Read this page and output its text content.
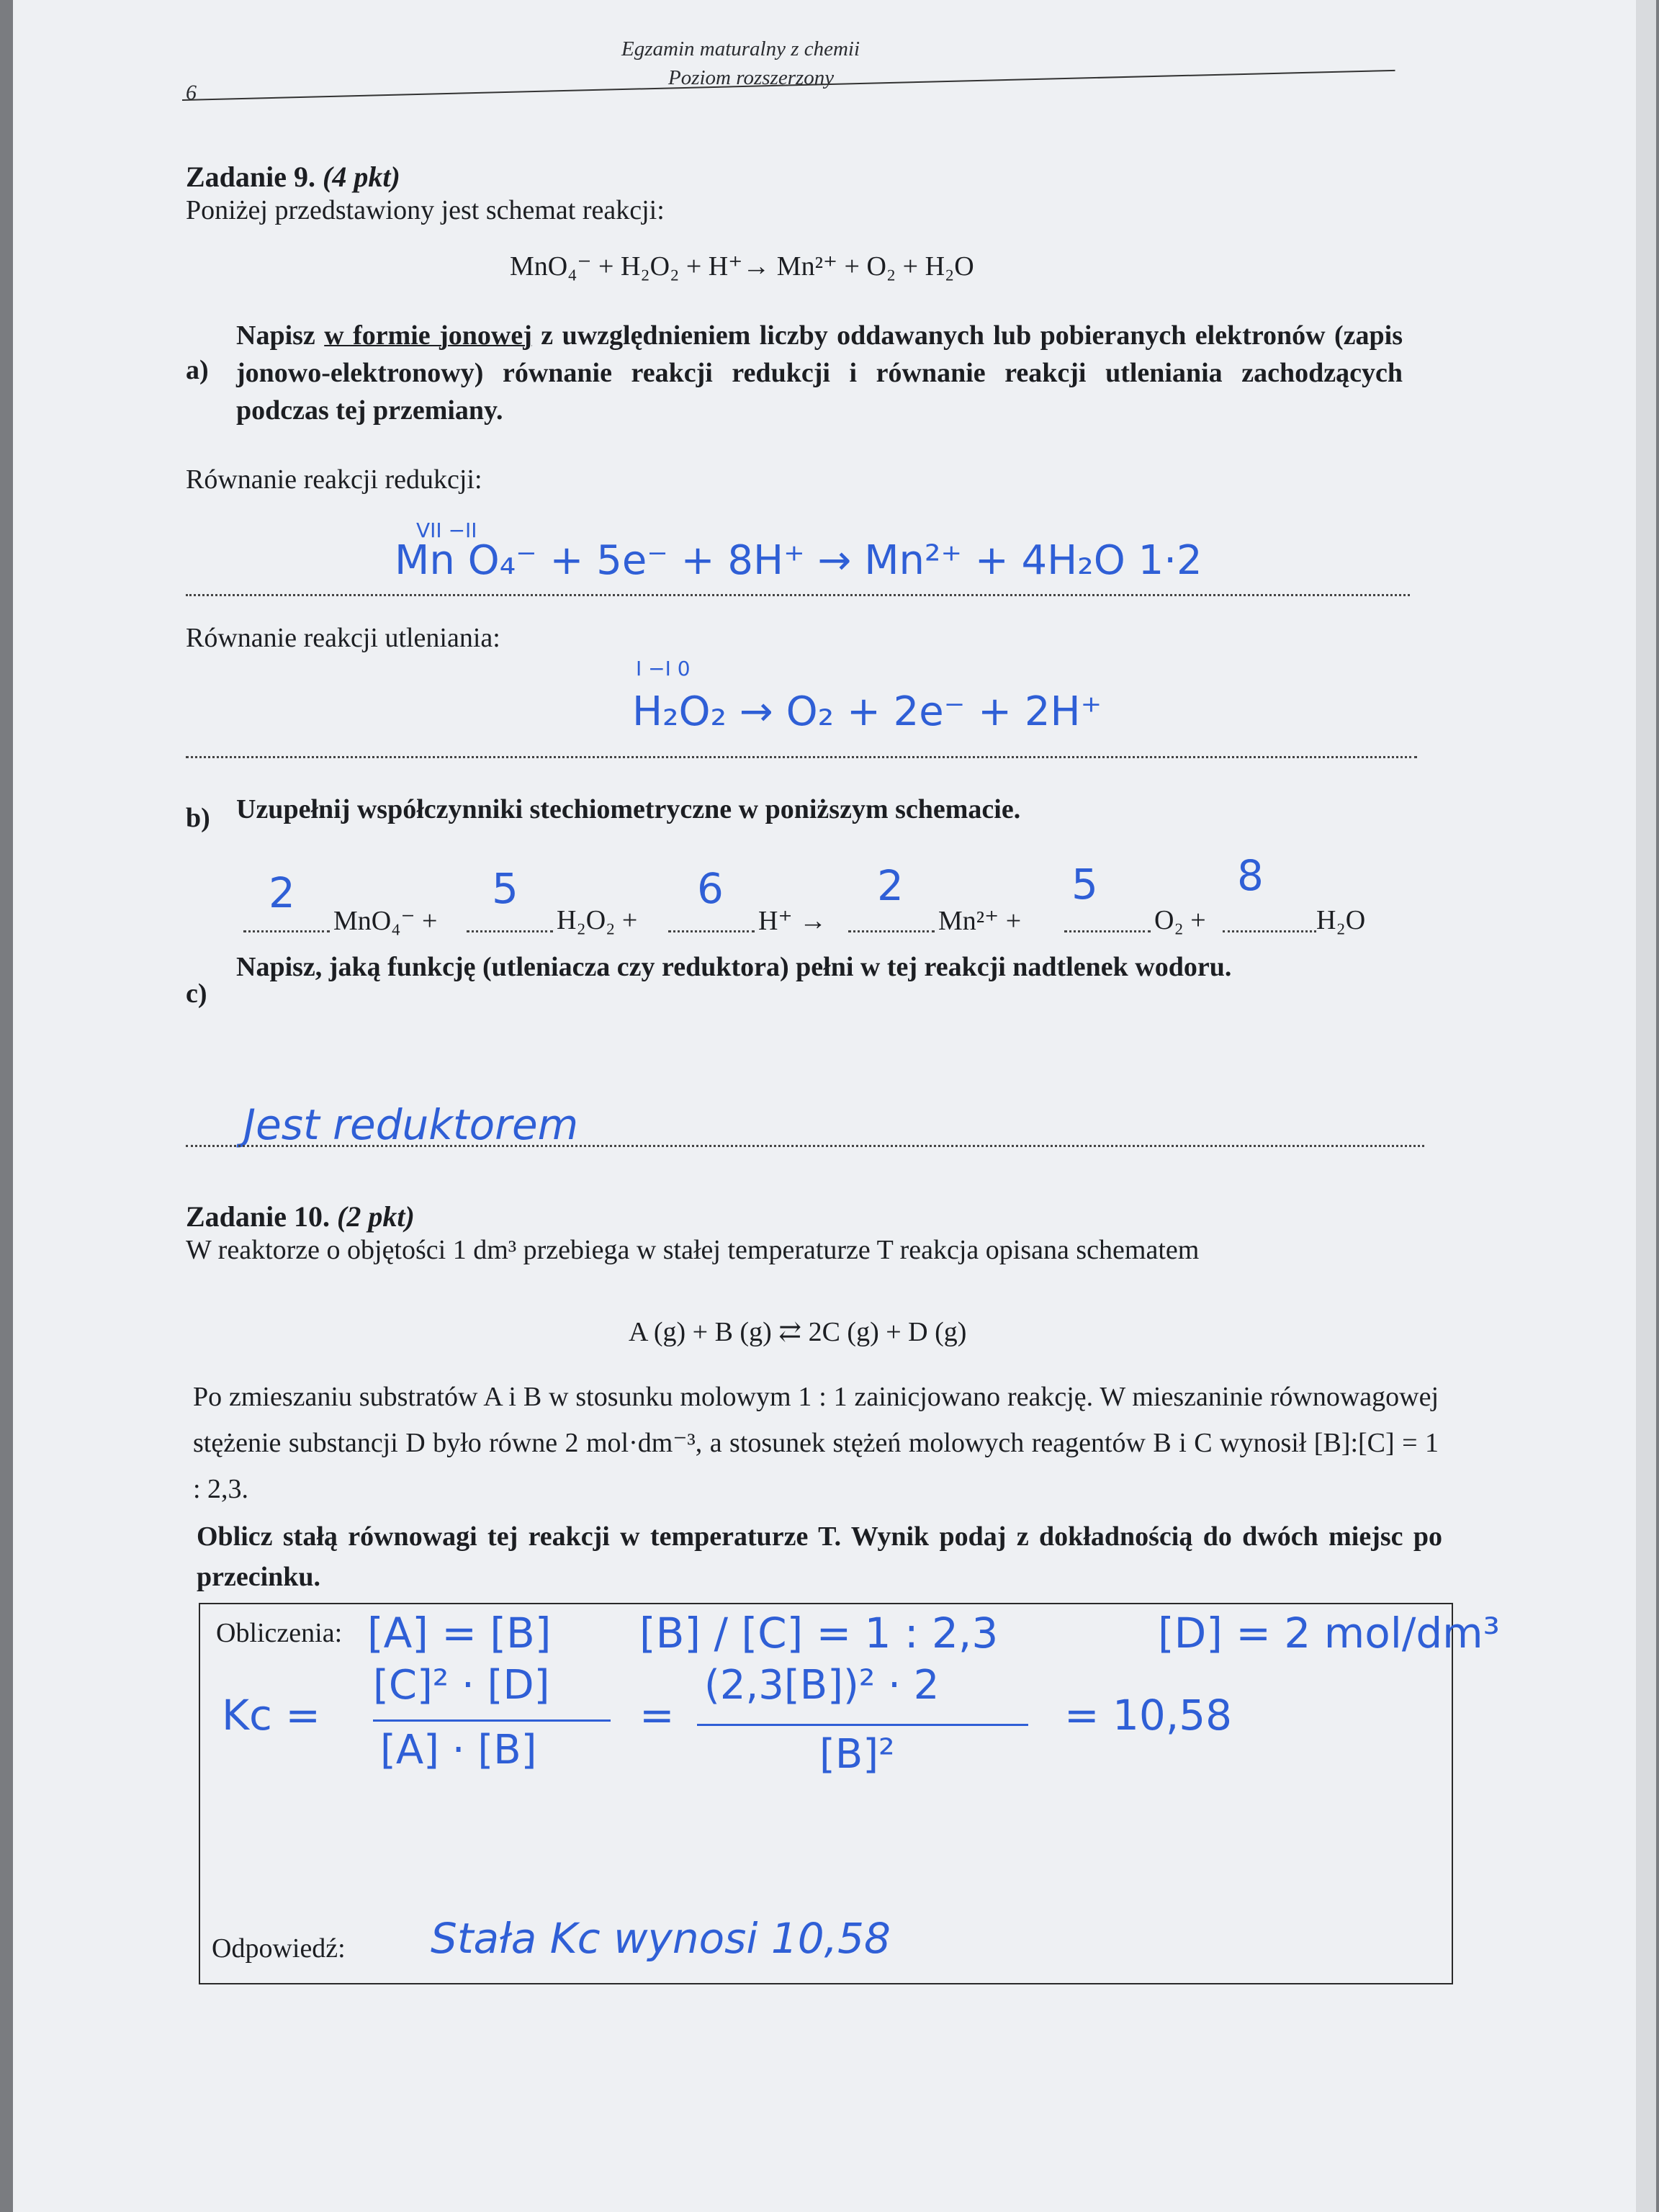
6
Egzamin maturalny z chemii
Poziom rozszerzony
Zadanie 9. (4 pkt)
Poniżej przedstawiony jest schemat reakcji:
MnO₄⁻ + H₂O₂ + H⁺→ Mn²⁺ + O₂ + H₂O
a)
Napisz w formie jonowej z uwzględnieniem liczby oddawanych lub pobieranych elektronów (zapis jonowo-elektronowy) równanie reakcji redukcji i równanie reakcji utleniania zachodzących podczas tej przemiany.
Równanie reakcji redukcji:
VII −II
Mn O₄⁻ + 5e⁻ + 8H⁺ → Mn²⁺ + 4H₂O 1·2
Równanie reakcji utleniania:
I −I 0
H₂O₂ → O₂ + 2e⁻ + 2H⁺
b) Uzupełnij współczynniki stechiometryczne w poniższym schemacie.
2
MnO₄⁻ +
5
H₂O₂ +
6
H⁺ →
2
Mn²⁺ +
5
O₂ +
8
H₂O
c)
Napisz, jaką funkcję (utleniacza czy reduktora) pełni w tej reakcji nadtlenek wodoru.
Jest reduktorem
Zadanie 10. (2 pkt)
W reaktorze o objętości 1 dm³ przebiega w stałej temperaturze T reakcja opisana schematem
A (g) + B (g) ⇄ 2C (g) + D (g)
Po zmieszaniu substratów A i B w stosunku molowym 1 : 1 zainicjowano reakcję. W mieszaninie równowagowej stężenie substancji D było równe 2 mol·dm⁻³, a stosunek stężeń molowych reagentów B i C wynosił [B]:[C] = 1 : 2,3.
Oblicz stałą równowagi tej reakcji w temperaturze T. Wynik podaj z dokładnością do dwóch miejsc po przecinku.
Obliczenia: [A] = [B] [B] / [C] = 1 : 2,3	[D] = 2 mol/dm³
Kc =
[C]² · [D]
[A] · [B]
=
(2,3[B])² · 2
[B]²
= 10,58
Odpowiedź: Stała Kc wynosi 10,58
